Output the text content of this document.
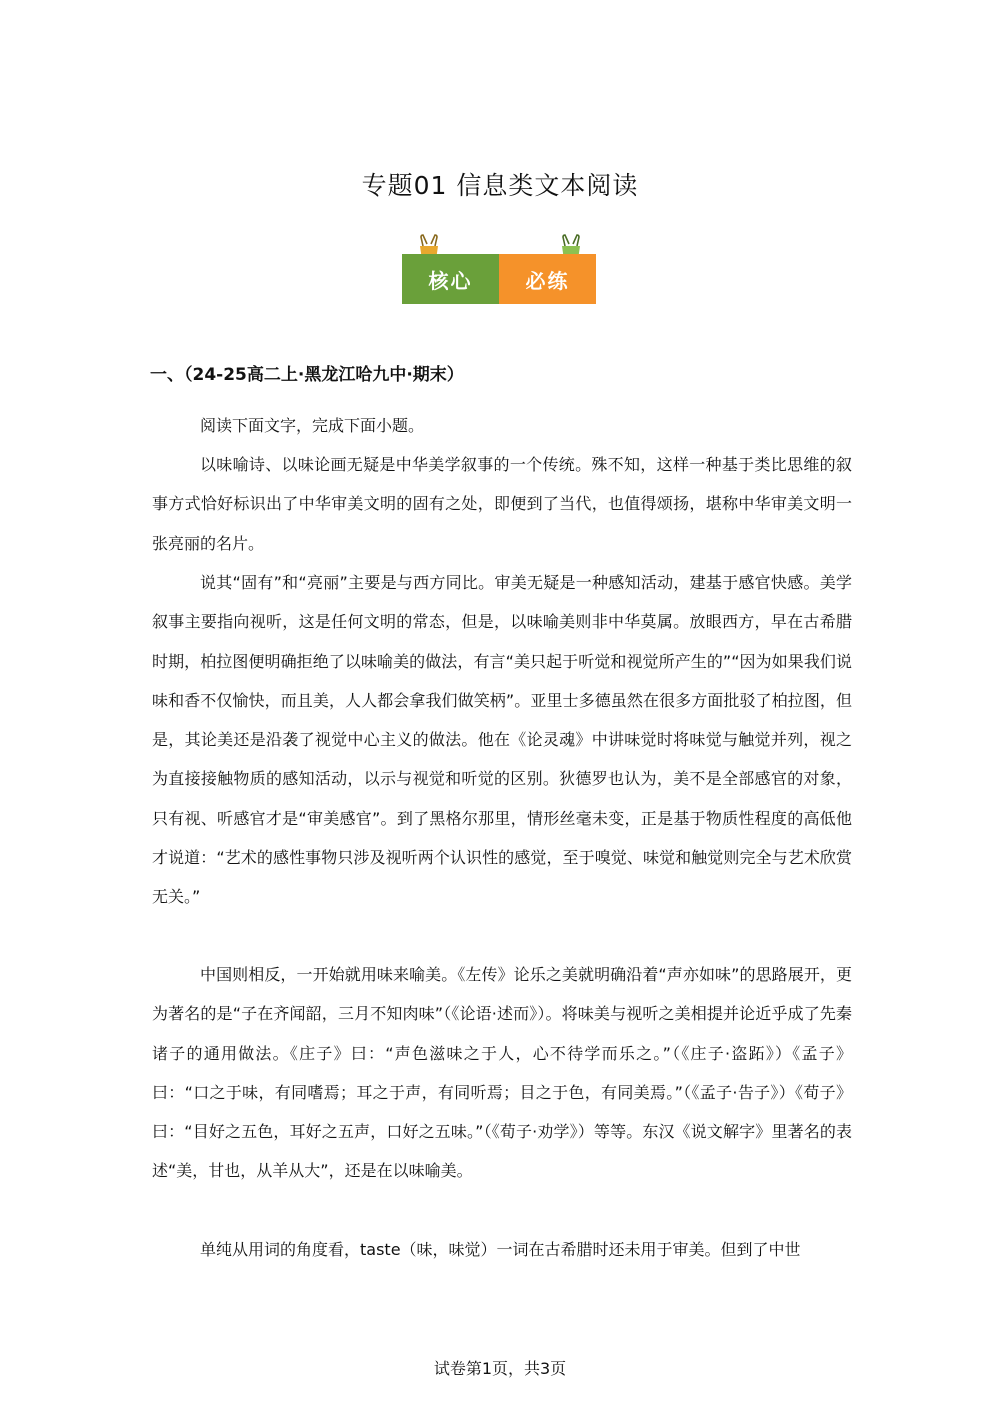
专题01 信息类文本阅读
核心	必练
一、（24-25高二上·黑龙江哈九中·期末）

阅读下面文字，完成下面小题。

以味喻诗、以味论画无疑是中华美学叙事的一个传统。殊不知，这样一种基于类比思维的叙事方式恰好标识出了中华审美文明的固有之处，即便到了当代，也值得颂扬，堪称中华审美文明一张亮丽的名片。

说其“固有”和“亮丽”主要是与西方同比。审美无疑是一种感知活动，建基于感官快感。美学叙事主要指向视听，这是任何文明的常态，但是，以味喻美则非中华莫属。放眼西方，早在古希腊时期，柏拉图便明确拒绝了以味喻美的做法，有言“美只起于听觉和视觉所产生的”“因为如果我们说味和香不仅愉快，而且美，人人都会拿我们做笑柄”。亚里士多德虽然在很多方面批驳了柏拉图，但是，其论美还是沿袭了视觉中心主义的做法。他在《论灵魂》中讲味觉时将味觉与触觉并列，视之为直接接触物质的感知活动，以示与视觉和听觉的区别。狄德罗也认为，美不是全部感官的对象，只有视、听感官才是“审美感官”。到了黑格尔那里，情形丝毫未变，正是基于物质性程度的高低他才说道：“艺术的感性事物只涉及视听两个认识性的感觉，至于嗅觉、味觉和触觉则完全与艺术欣赏无关。”

中国则相反，一开始就用味来喻美。《左传》论乐之美就明确沿着“声亦如味”的思路展开，更为著名的是“子在齐闻韶，三月不知肉味”（《论语·述而》）。将味美与视听之美相提并论近乎成了先秦诸子的通用做法。《庄子》曰：“声色滋味之于人，心不待学而乐之。”（《庄子·盗跖》）《孟子》曰：“口之于味，有同嗜焉；耳之于声，有同听焉；目之于色，有同美焉。”（《孟子·告子》）《荀子》曰：“目好之五色，耳好之五声，口好之五味。”（《荀子·劝学》）等等。东汉《说文解字》里著名的表述“美，甘也，从羊从大”，还是在以味喻美。

单纯从用词的角度看，taste（味，味觉）一词在古希腊时还未用于审美。但到了中世

试卷第1页，共3页
